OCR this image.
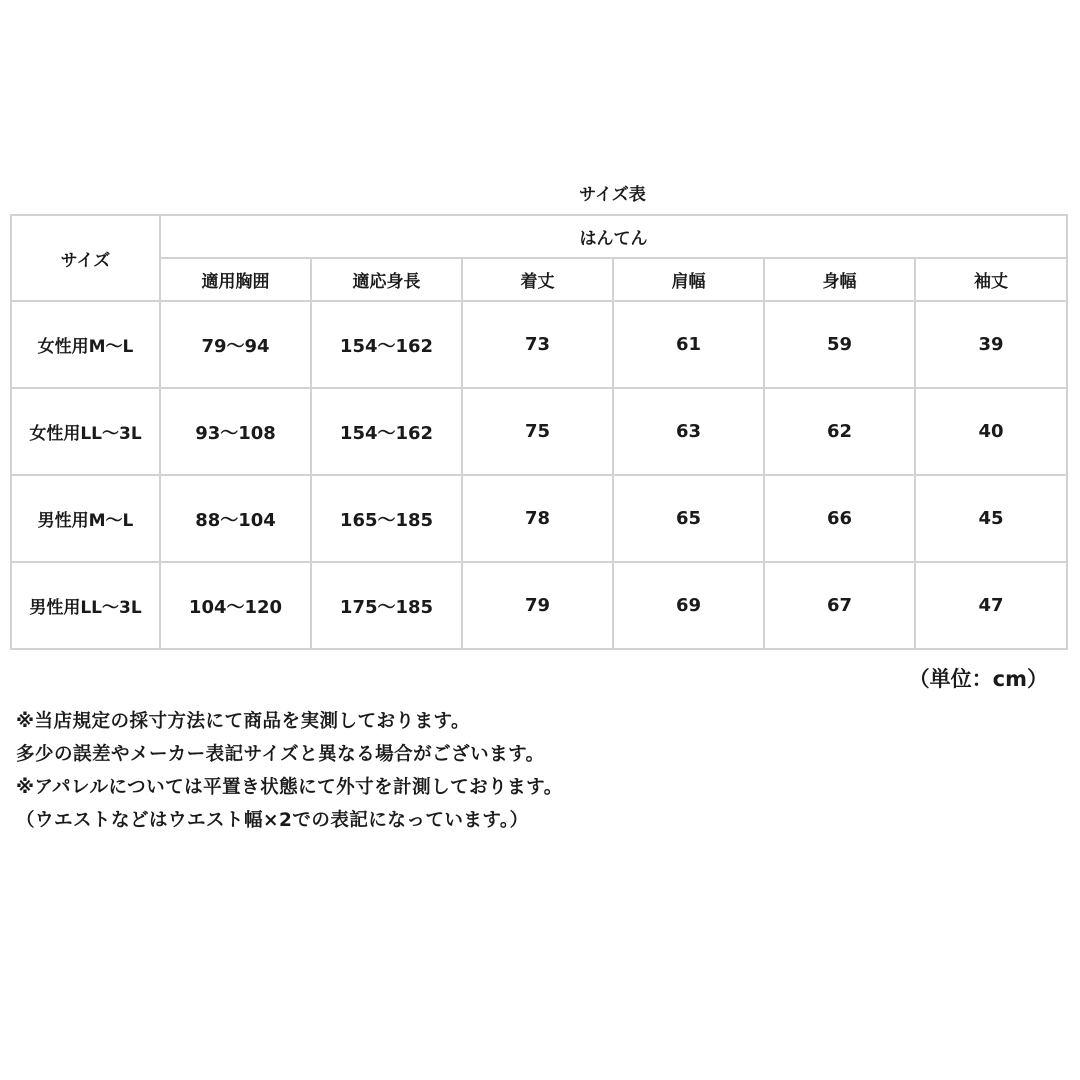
サイズ表
サイズ	はんてん					
	適用胸囲	適応身長	着丈	肩幅	身幅	袖丈
女性用M～L	79～94	154～162	73	61	59	39
女性用LL～3L	93～108	154～162	75	63	62	40
男性用M～L	88～104	165～185	78	65	66	45
男性用LL～3L	104～120	175～185	79	69	67	47
（単位：cm）
※当店規定の採寸方法にて商品を実測しております。
多少の誤差やメーカー表記サイズと異なる場合がございます。
※アパレルについては平置き状態にて外寸を計測しております。
（ウエストなどはウエスト幅×2での表記になっています。）
